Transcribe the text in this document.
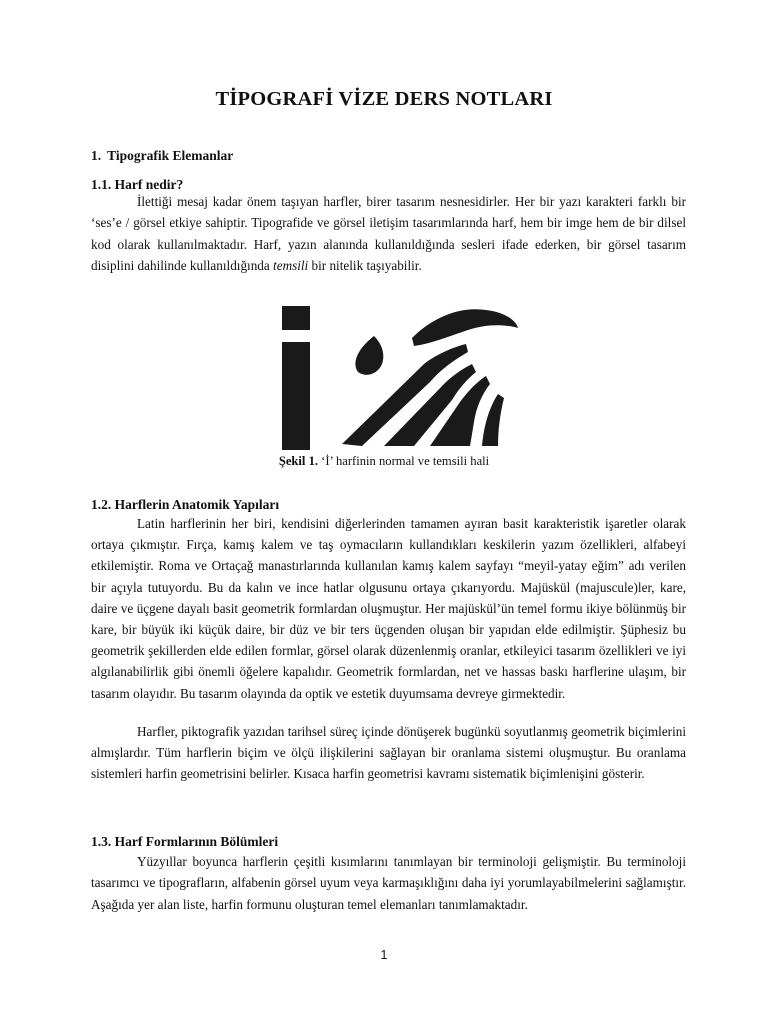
TİPOGRAFİ VİZE DERS NOTLARI
1. Tipografik Elemanlar
1.1. Harf nedir?

İlettiği mesaj kadar önem taşıyan harfler, birer tasarım nesnesidirler. Her bir yazı karakteri farklı bir ‘ses’e / görsel etkiye sahiptir. Tipografide ve görsel iletişim tasarımlarında harf, hem bir imge hem de bir dilsel kod olarak kullanılmaktadır. Harf, yazın alanında kullanıldığında sesleri ifade ederken, bir görsel tasarım disiplini dahilinde kullanıldığında temsili bir nitelik taşıyabilir.

Şekil 1. ‘İ’ harfinin normal ve temsili hali
1.2. Harflerin Anatomik Yapıları

Latin harflerinin her biri, kendisini diğerlerinden tamamen ayıran basit karakteristik işaretler olarak ortaya çıkmıştır. Fırça, kamış kalem ve taş oymacıların kullandıkları keskilerin yazım özellikleri, alfabeyi etkilemiştir. Roma ve Ortaçağ manastırlarında kullanılan kamış kalem sayfayı “meyil-yatay eğim” adı verilen bir açıyla tutuyordu. Bu da kalın ve ince hatlar olgusunu ortaya çıkarıyordu. Majüskül (majuscule)ler, kare, daire ve üçgene dayalı basit geometrik formlardan oluşmuştur. Her majüskül’ün temel formu ikiye bölünmüş bir kare, bir büyük iki küçük daire, bir düz ve bir ters üçgenden oluşan bir yapıdan elde edilmiştir. Şüphesiz bu geometrik şekillerden elde edilen formlar, görsel olarak düzenlenmiş oranlar, etkileyici tasarım özellikleri ve iyi algılanabilirlik gibi önemli öğelere kapalıdır. Geometrik formlardan, net ve hassas baskı harflerine ulaşım, bir tasarım olayıdır. Bu tasarım olayında da optik ve estetik duyumsama devreye girmektedir.

Harfler, piktografik yazıdan tarihsel süreç içinde dönüşerek bugünkü soyutlanmış geometrik biçimlerini almışlardır. Tüm harflerin biçim ve ölçü ilişkilerini sağlayan bir oranlama sistemi oluşmuştur. Bu oranlama sistemleri harfin geometrisini belirler. Kısaca harfin geometrisi kavramı sistematik biçimlenişini gösterir.

1.3. Harf Formlarının Bölümleri

Yüzyıllar boyunca harflerin çeşitli kısımlarını tanımlayan bir terminoloji gelişmiştir. Bu terminoloji tasarımcı ve tipografların, alfabenin görsel uyum veya karmaşıklığını daha iyi yorumlayabilmelerini sağlamıştır. Aşağıda yer alan liste, harfin formunu oluşturan temel elemanları tanımlamaktadır.

1
